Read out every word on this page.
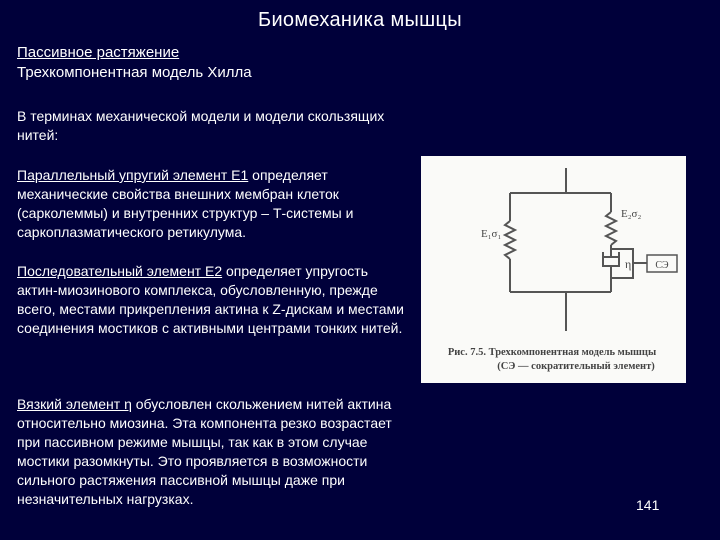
Биомеханика мышцы
Пассивное растяжение
Трехкомпонентная модель Хилла
В терминах механической модели и модели скользящих нитей:
Параллельный упругий элемент Е1 определяет механические свойства внешних мембран клеток (сарколеммы) и внутренних структур – Т-системы и саркоплазматического ретикулума.
Последовательный элемент Е2 определяет упругость актин-миозинового комплекса, обусловленную, прежде всего, местами прикрепления актина к Z-дискам и местами соединения мостиков с активными центрами тонких нитей.
Вязкий элемент η обусловлен скольжением нитей актина относительно миозина. Эта компонента резко возрастает при пассивном режиме мышцы, так как в этом случае мостики разомкнуты. Это проявляется в возможности сильного растяжения пассивной мышцы даже при незначительных нагрузках.
E₁σ₁
E₂σ₂
η СЭ
Рис. 7.5. Трехкомпонентная модель мышцы
(СЭ — сократительный элемент)
141
